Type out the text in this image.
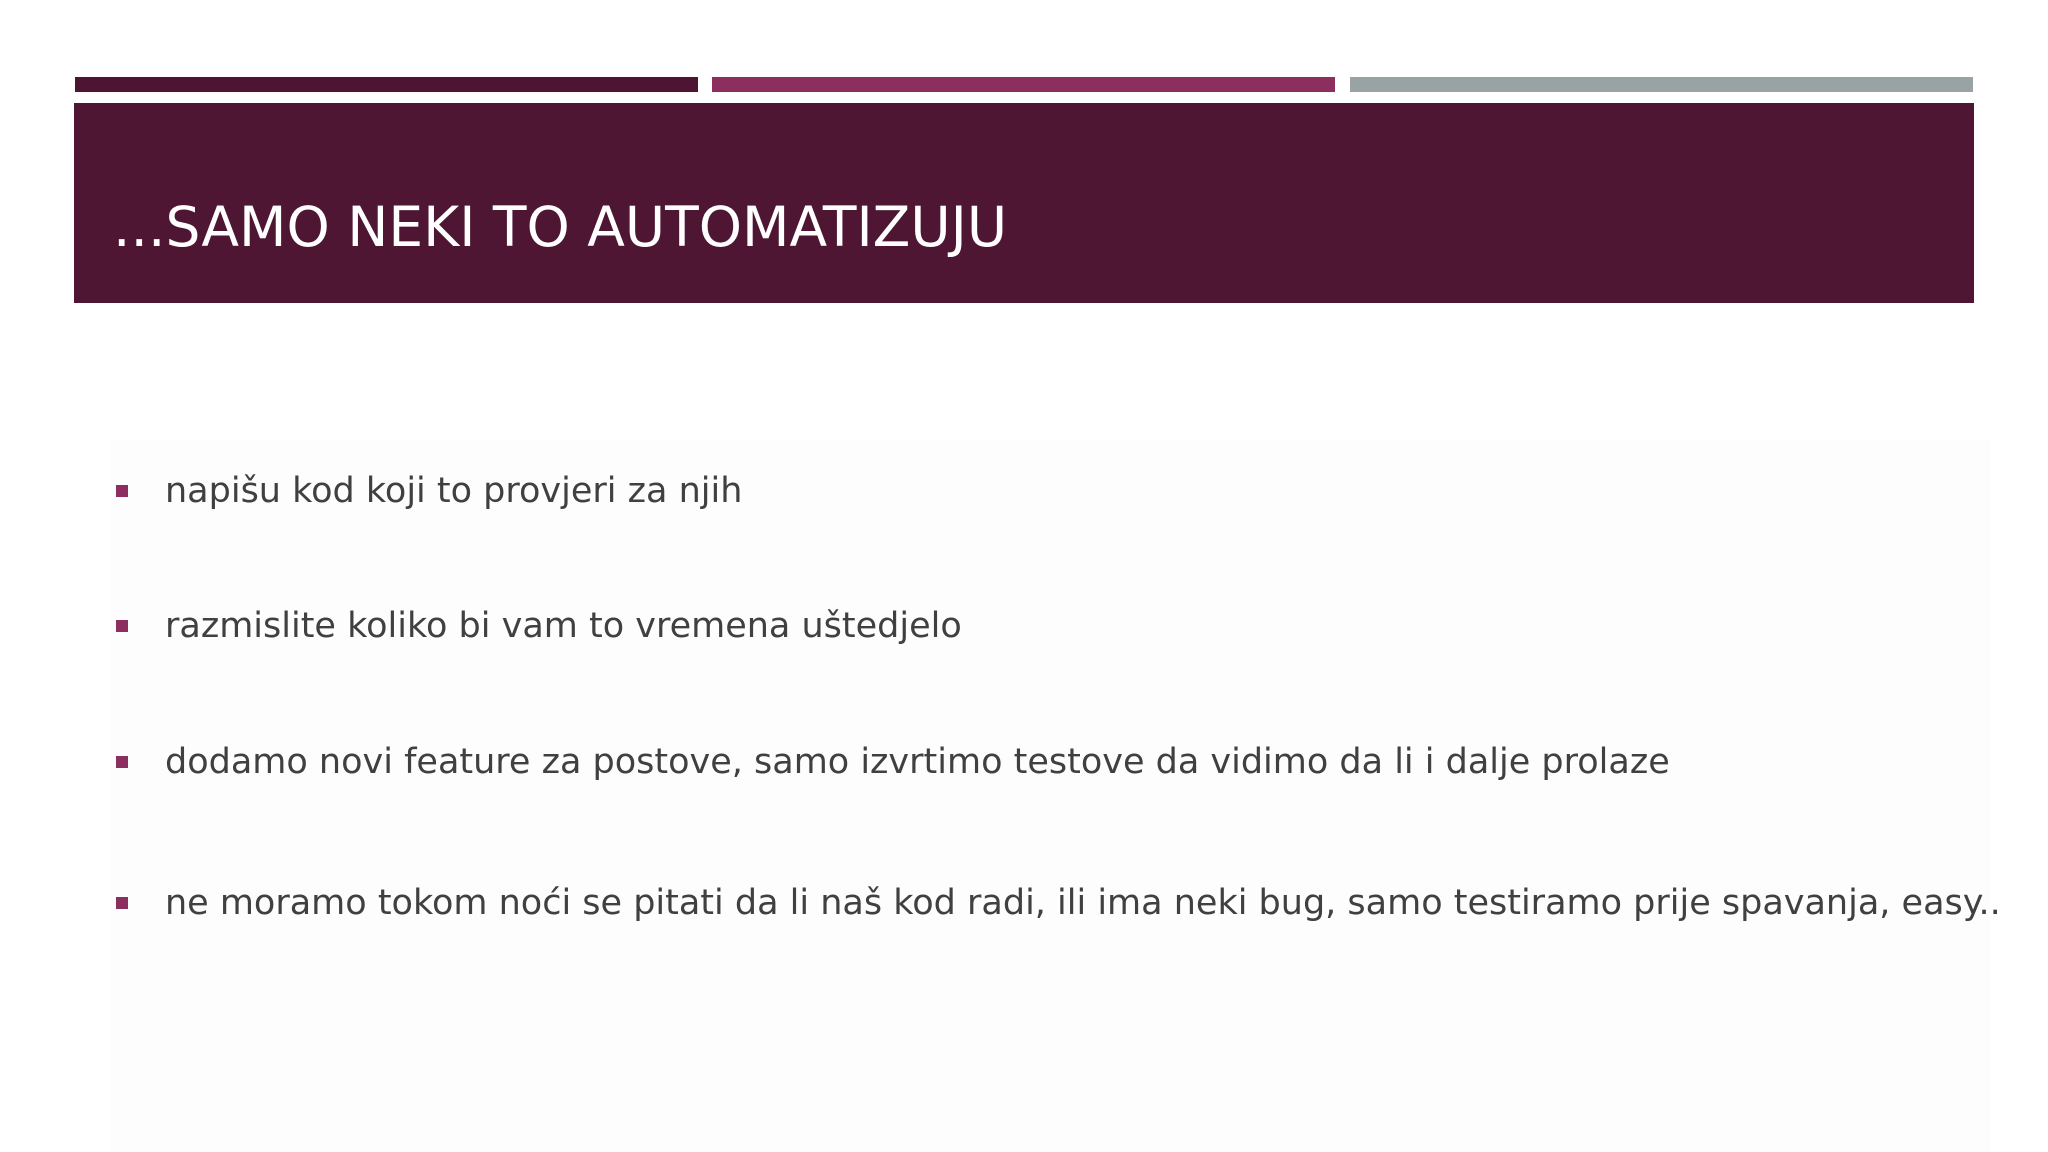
...SAMO NEKI TO AUTOMATIZUJU
napišu kod koji to provjeri za njih
razmislite koliko bi vam to vremena uštedjelo
dodamo novi feature za postove, samo izvrtimo testove da vidimo da li i dalje prolaze
ne moramo tokom noći se pitati da li naš kod radi, ili ima neki bug, samo testiramo prije spavanja, easy..
